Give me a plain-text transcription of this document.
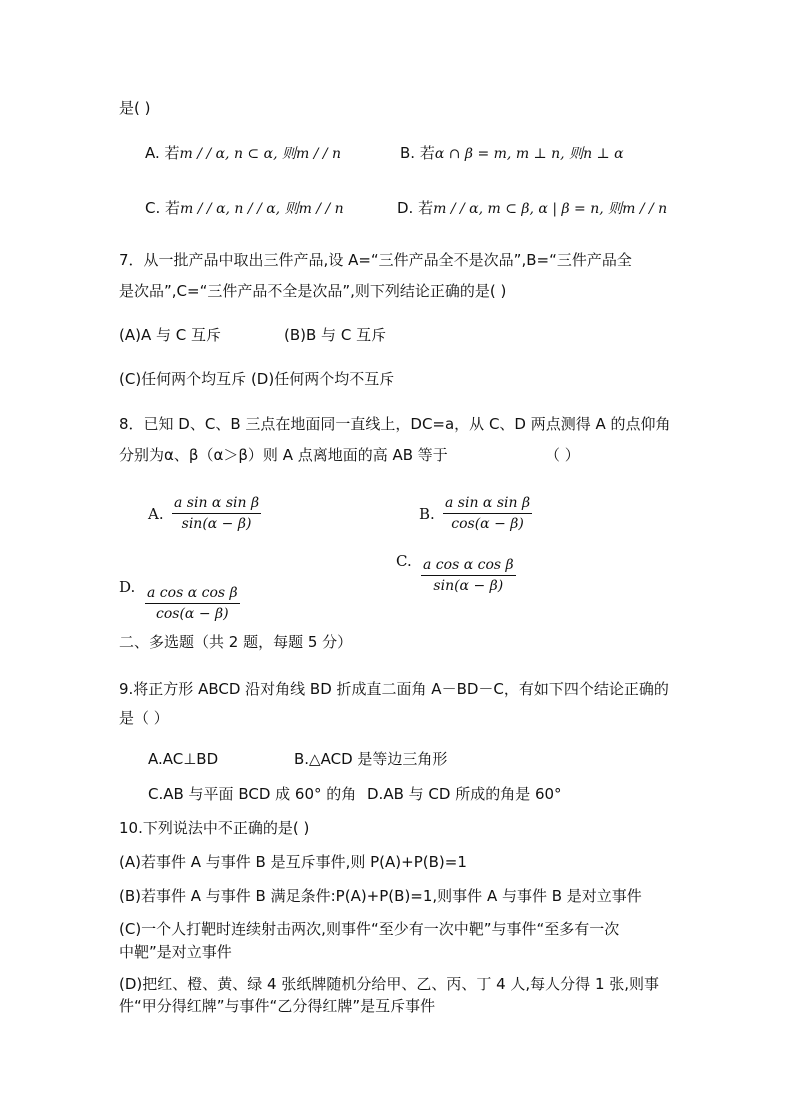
是( )
A. 若m / / α, n ⊂ α, 则m / / n	B. 若α ∩ β = m, m ⊥ n, 则n ⊥ α
C. 若m / / α, n / / α, 则m / / n	D. 若m / / α, m ⊂ β, α | β = n, 则m / / n
7．从一批产品中取出三件产品,设 A=“三件产品全不是次品”,B=“三件产品全
是次品”,C=“三件产品不全是次品”,则下列结论正确的是( )
(A)A 与 C 互斥	(B)B 与 C 互斥
(C)任何两个均互斥 (D)任何两个均不互斥
8．已知 D、C、B 三点在地面同一直线上，DC=a，从 C、D 两点测得 A 的点仰角
分别为α、β（α＞β）则 A 点离地面的高 AB 等于	（ ）
A.
a sin α sin β
sin(α − β)
B.
a sin α sin β
cos(α − β)
C. a cos α cos β
sin(α − β)
D. a cos α cos β
cos(α − β)
二、多选题（共 2 题，每题 5 分）
9.将正方形 ABCD 沿对角线 BD 折成直二面角 A－BD－C，有如下四个结论正确的
是（ ）
A.AC⊥BD	B.△ACD 是等边三角形
C.AB 与平面 BCD 成 60° 的角 D.AB 与 CD 所成的角是 60°
10.下列说法中不正确的是( )
(A)若事件 A 与事件 B 是互斥事件,则 P(A)+P(B)=1
(B)若事件 A 与事件 B 满足条件:P(A)+P(B)=1,则事件 A 与事件 B 是对立事件
(C)一个人打靶时连续射击两次,则事件“至少有一次中靶”与事件“至多有一次
中靶”是对立事件
(D)把红、橙、黄、绿 4 张纸牌随机分给甲、乙、丙、丁 4 人,每人分得 1 张,则事
件“甲分得红牌”与事件“乙分得红牌”是互斥事件
